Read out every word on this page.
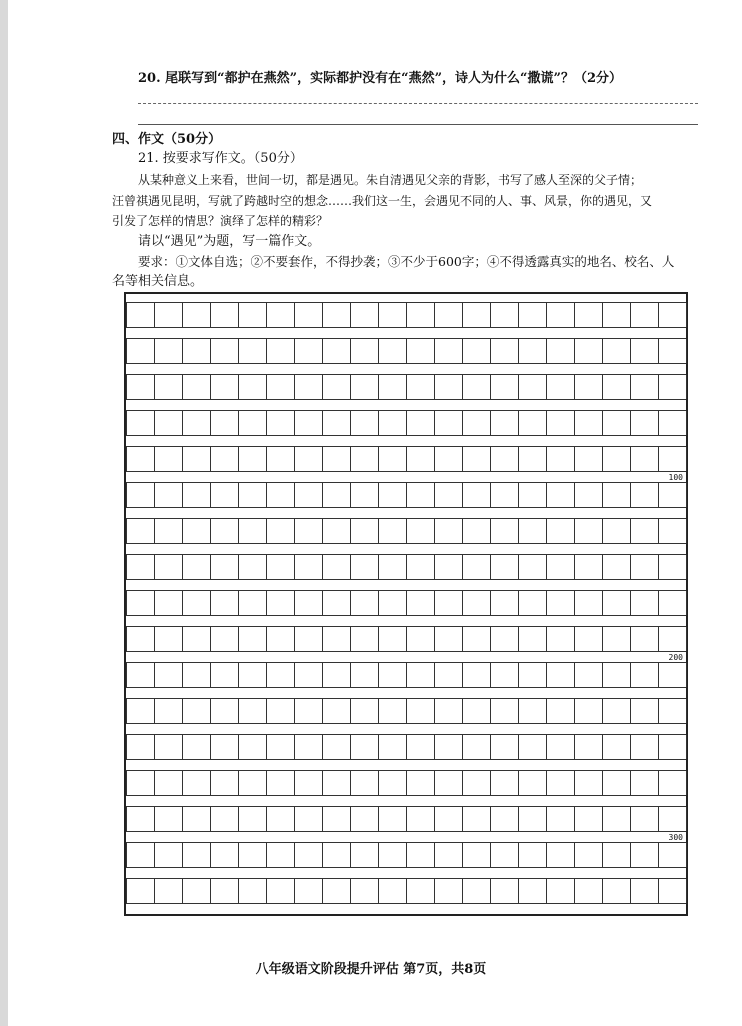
20. 尾联写到“都护在燕然”，实际都护没有在“燕然”，诗人为什么“撒谎”？（2分）
四、作文（50分）
21. 按要求写作文。（50分）
从某种意义上来看，世间一切，都是遇见。朱自清遇见父亲的背影，书写了感人至深的父子情；
汪曾祺遇见昆明，写就了跨越时空的想念……我们这一生，会遇见不同的人、事、风景，你的遇见，又
引发了怎样的情思？演绎了怎样的精彩？
请以“遇见”为题，写一篇作文。
要求：①文体自选；②不要套作，不得抄袭；③不少于600字；④不得透露真实的地名、校名、人
名等相关信息。
100
200
300
八年级语文阶段提升评估 第7页，共8页
